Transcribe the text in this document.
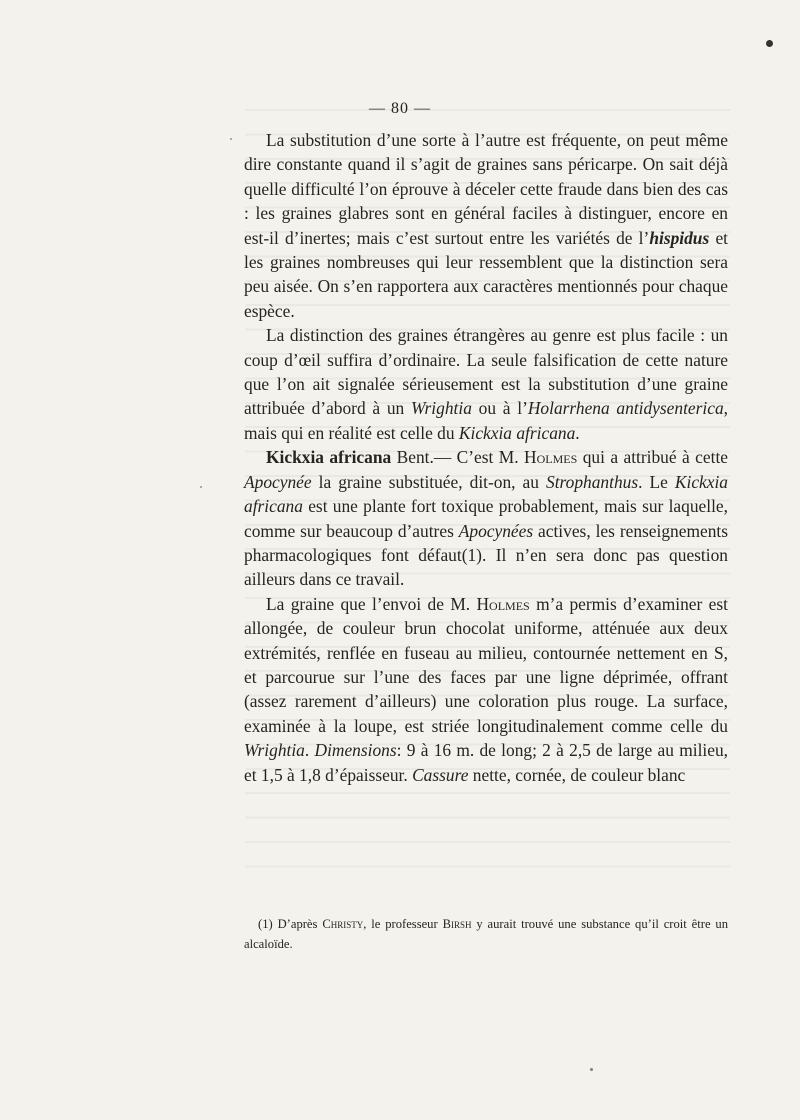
— 80 —

La substitution d’une sorte à l’autre est fréquente, on peut même dire constante quand il s’agit de graines sans péricarpe. On sait déjà quelle difficulté l’on éprouve à déceler cette fraude dans bien des cas : les graines glabres sont en général faciles à distinguer, encore en est-il d’inertes; mais c’est surtout entre les variétés de l’hispidus et les graines nombreuses qui leur ressemblent que la distinction sera peu aisée. On s’en rapportera aux caractères mentionnés pour chaque espèce.

La distinction des graines étrangères au genre est plus facile : un coup d’œil suffira d’ordinaire. La seule falsification de cette nature que l’on ait signalée sérieusement est la substitution d’une graine attribuée d’abord à un Wrightia ou à l’Holarrhena antidysenterica, mais qui en réalité est celle du Kickxia africana.

Kickxia africana Bent.— C’est M. Holmes qui a attribué à cette Apocynée la graine substituée, dit-on, au Strophanthus. Le Kickxia africana est une plante fort toxique probablement, mais sur laquelle, comme sur beaucoup d’autres Apocynées actives, les renseignements pharmacologiques font défaut(1). Il n’en sera donc pas question ailleurs dans ce travail.

La graine que l’envoi de M. Holmes m’a permis d’examiner est allongée, de couleur brun chocolat uniforme, atténuée aux deux extrémités, renflée en fuseau au milieu, contournée nettement en S, et parcourue sur l’une des faces par une ligne déprimée, offrant (assez rarement d’ailleurs) une coloration plus rouge. La surface, examinée à la loupe, est striée longitudinalement comme celle du Wrightia. Dimensions: 9 à 16 m. de long; 2 à 2,5 de large au milieu, et 1,5 à 1,8 d’épaisseur. Cassure nette, cornée, de couleur blanc

(1) D’après Christy, le professeur Birsh y aurait trouvé une substance qu’il croit être un alcaloïde.
